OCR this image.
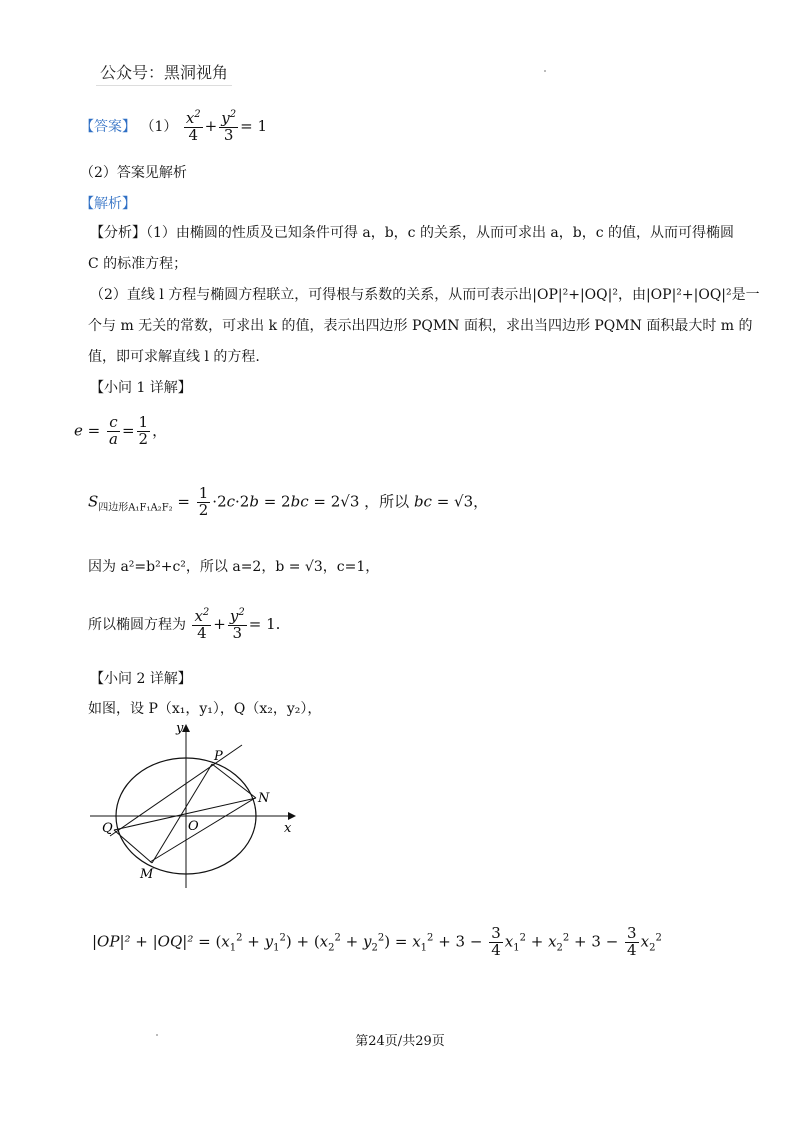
公众号：黑洞视角
【答案】 $(1) \frac{x^2}{4} + \frac{y^2}{3} = 1$
（2）答案见解析
【解析】
【分析】（1）由椭圆的性质及已知条件可得 a，b，c 的关系，从而可求出 a，b，c 的值，从而可得椭圆
C 的标准方程；
（2）直线 l 方程与椭圆方程联立，可得根与系数的关系，从而可表示出|OP|²+|OQ|²，由|OP|²+|OQ|²是一
个与 m 无关的常数，可求出 k 的值，表示出四边形 PQMN 面积，求出当四边形 PQMN 面积最大时 m 的
值，即可求解直线 l 的方程.
【小问 1 详解】
$e = \frac{c}{a} = \frac{1}{2}$ ，
$S_{四边形A_1F_1A_2F_2} = \frac{1}{2} \cdot 2c\cdot 2b = 2bc = 2√3$ ，所以 bc = √3，
因为 a²=b²+c²，所以 a=2，b = √3，c=1，
所以椭圆方程为 $\frac{x^2}{4} + \frac{y^2}{3} = 1$.
【小问 2 详解】
如图，设 P（x₁，y₁），Q（x₂，y₂），
y
x
O
P
Q
M
N
$|OP|^2 + |OQ|^2 = (x_1^2 + y_1^2) + (x_2^2 + y_2^2) = x_1^2 + 3 - \frac{3}{4} x_1^2 + x_2^2 + 3 - \frac{3}{4} x_2^2$
第24页/共29页
